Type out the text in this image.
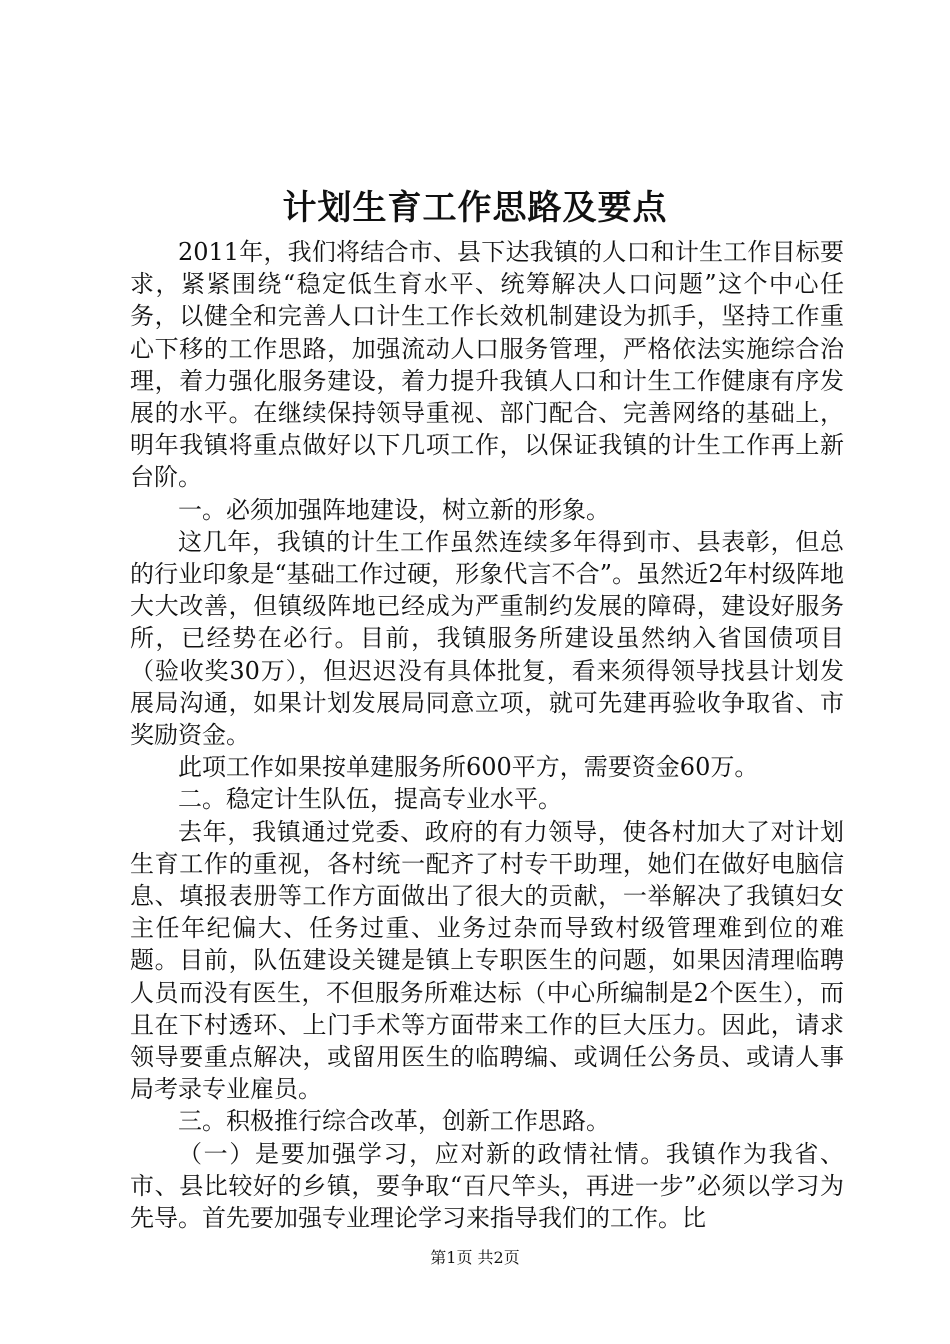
计划生育工作思路及要点

2011年，我们将结合市、县下达我镇的人口和计生工作目标要求，紧紧围绕“稳定低生育水平、统筹解决人口问题”这个中心任务，以健全和完善人口计生工作长效机制建设为抓手，坚持工作重心下移的工作思路，加强流动人口服务管理，严格依法实施综合治理，着力强化服务建设，着力提升我镇人口和计生工作健康有序发展的水平。在继续保持领导重视、部门配合、完善网络的基础上，明年我镇将重点做好以下几项工作，以保证我镇的计生工作再上新台阶。

一。必须加强阵地建设，树立新的形象。

这几年，我镇的计生工作虽然连续多年得到市、县表彰，但总的行业印象是“基础工作过硬，形象代言不合”。虽然近2年村级阵地大大改善，但镇级阵地已经成为严重制约发展的障碍，建设好服务所，已经势在必行。目前，我镇服务所建设虽然纳入省国债项目（验收奖30万），但迟迟没有具体批复，看来须得领导找县计划发展局沟通，如果计划发展局同意立项，就可先建再验收争取省、市奖励资金。

此项工作如果按单建服务所600平方，需要资金60万。

二。稳定计生队伍，提高专业水平。

去年，我镇通过党委、政府的有力领导，使各村加大了对计划生育工作的重视，各村统一配齐了村专干助理，她们在做好电脑信息、填报表册等工作方面做出了很大的贡献，一举解决了我镇妇女主任年纪偏大、任务过重、业务过杂而导致村级管理难到位的难题。目前，队伍建设关键是镇上专职医生的问题，如果因清理临聘人员而没有医生，不但服务所难达标（中心所编制是2个医生），而且在下村透环、上门手术等方面带来工作的巨大压力。因此，请求领导要重点解决，或留用医生的临聘编、或调任公务员、或请人事局考录专业雇员。

三。积极推行综合改革，创新工作思路。

（一）是要加强学习，应对新的政情社情。我镇作为我省、市、县比较好的乡镇，要争取“百尺竿头，再进一步”必须以学习为先导。首先要加强专业理论学习来指导我们的工作。比

第1页 共2页
